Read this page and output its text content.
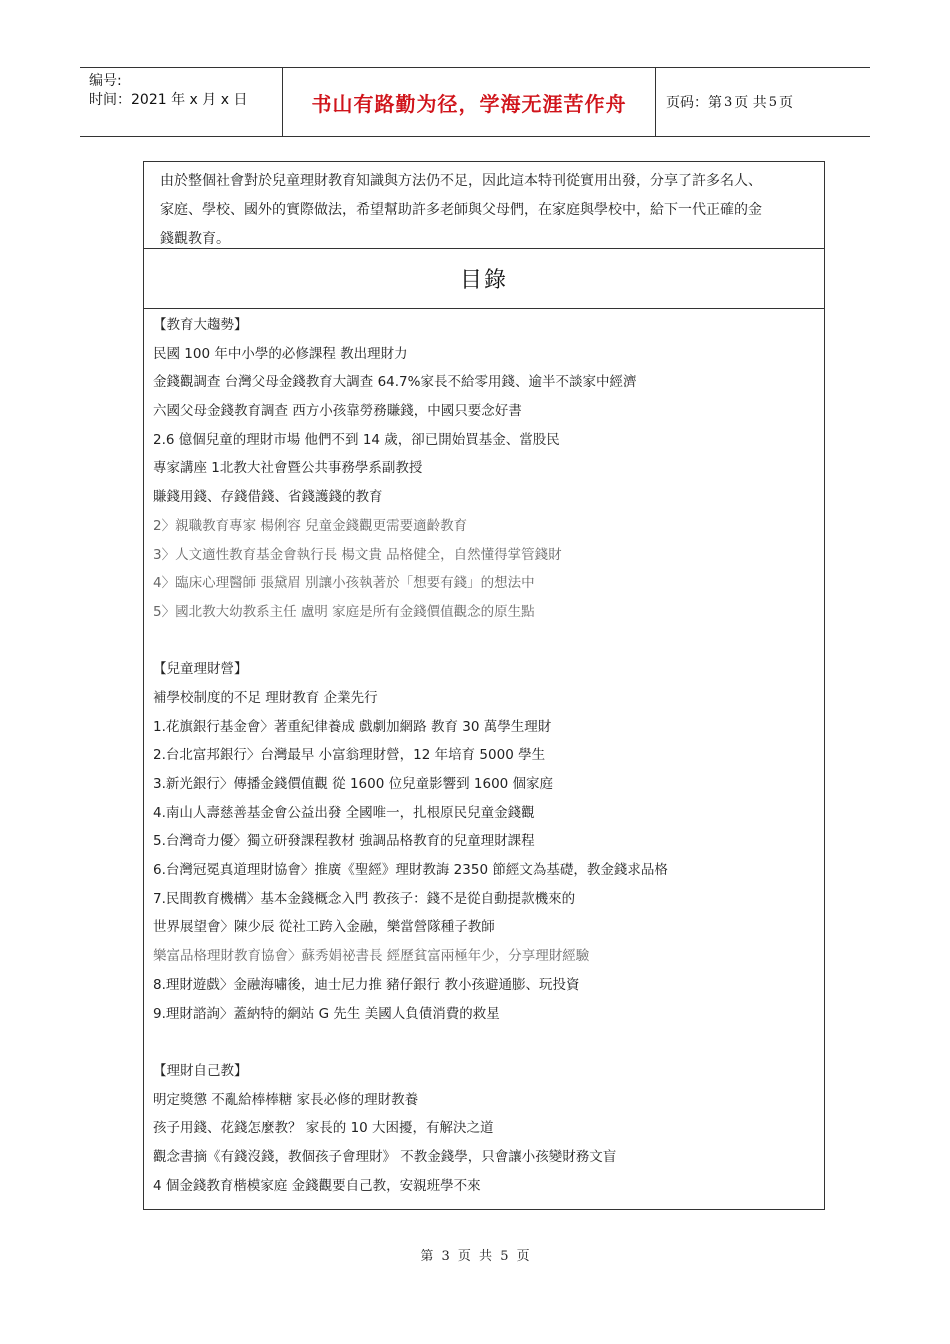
编号:
时间：2021 年 x 月 x 日	书山有路勤为径，学海无涯苦作舟	页码：第 3 页 共 5 页
由於整個社會對於兒童理財教育知識與方法仍不足，因此這本特刊從實用出發，分享了許多名人、
家庭、學校、國外的實際做法，希望幫助許多老師與父母們，在家庭與學校中，給下一代正確的金
錢觀教育。
目錄
【教育大趨勢】
民國 100 年中小學的必修課程 教出理財力
金錢觀調查 台灣父母金錢教育大調查 64.7%家長不給零用錢、逾半不談家中經濟
六國父母金錢教育調查 西方小孩靠勞務賺錢，中國只要念好書
2.6 億個兒童的理財市場 他們不到 14 歲，卻已開始買基金、當股民
專家講座 1北教大社會暨公共事務學系副教授
賺錢用錢、存錢借錢、省錢護錢的教育
2〉親職教育專家 楊俐容 兒童金錢觀更需要適齡教育
3〉人文適性教育基金會執行長 楊文貴 品格健全，自然懂得掌管錢財
4〉臨床心理醫師 張黛眉 別讓小孩執著於「想要有錢」的想法中
5〉國北教大幼教系主任 盧明 家庭是所有金錢價值觀念的原生點
【兒童理財營】
補學校制度的不足 理財教育 企業先行
1.花旗銀行基金會〉著重紀律養成 戲劇加網路 教育 30 萬學生理財
2.台北富邦銀行〉台灣最早 小富翁理財營，12 年培育 5000 學生
3.新光銀行〉傳播金錢價值觀 從 1600 位兒童影響到 1600 個家庭
4.南山人壽慈善基金會公益出發 全國唯一，扎根原民兒童金錢觀
5.台灣奇力優〉獨立研發課程教材 強調品格教育的兒童理財課程
6.台灣冠冕真道理財協會〉推廣《聖經》理財教誨 2350 節經文為基礎，教金錢求品格
7.民間教育機構〉基本金錢概念入門 教孩子：錢不是從自動提款機來的
世界展望會〉陳少辰 從社工跨入金融，樂當營隊種子教師
樂富品格理財教育協會〉蘇秀娟祕書長 經歷貧富兩極年少，分享理財經驗
8.理財遊戲〉金融海嘯後，迪士尼力推 豬仔銀行 教小孩避通膨、玩投資
9.理財諮詢〉蓋納特的網站 G 先生 美國人負債消費的救星
【理財自己教】
明定獎懲 不亂給棒棒糖 家長必修的理財教養
孩子用錢、花錢怎麼教？ 家長的 10 大困擾，有解決之道
觀念書摘《有錢沒錢，教個孩子會理財》 不教金錢學，只會讓小孩變財務文盲
4 個金錢教育楷模家庭 金錢觀要自己教，安親班學不來
第 3 页 共 5 页
